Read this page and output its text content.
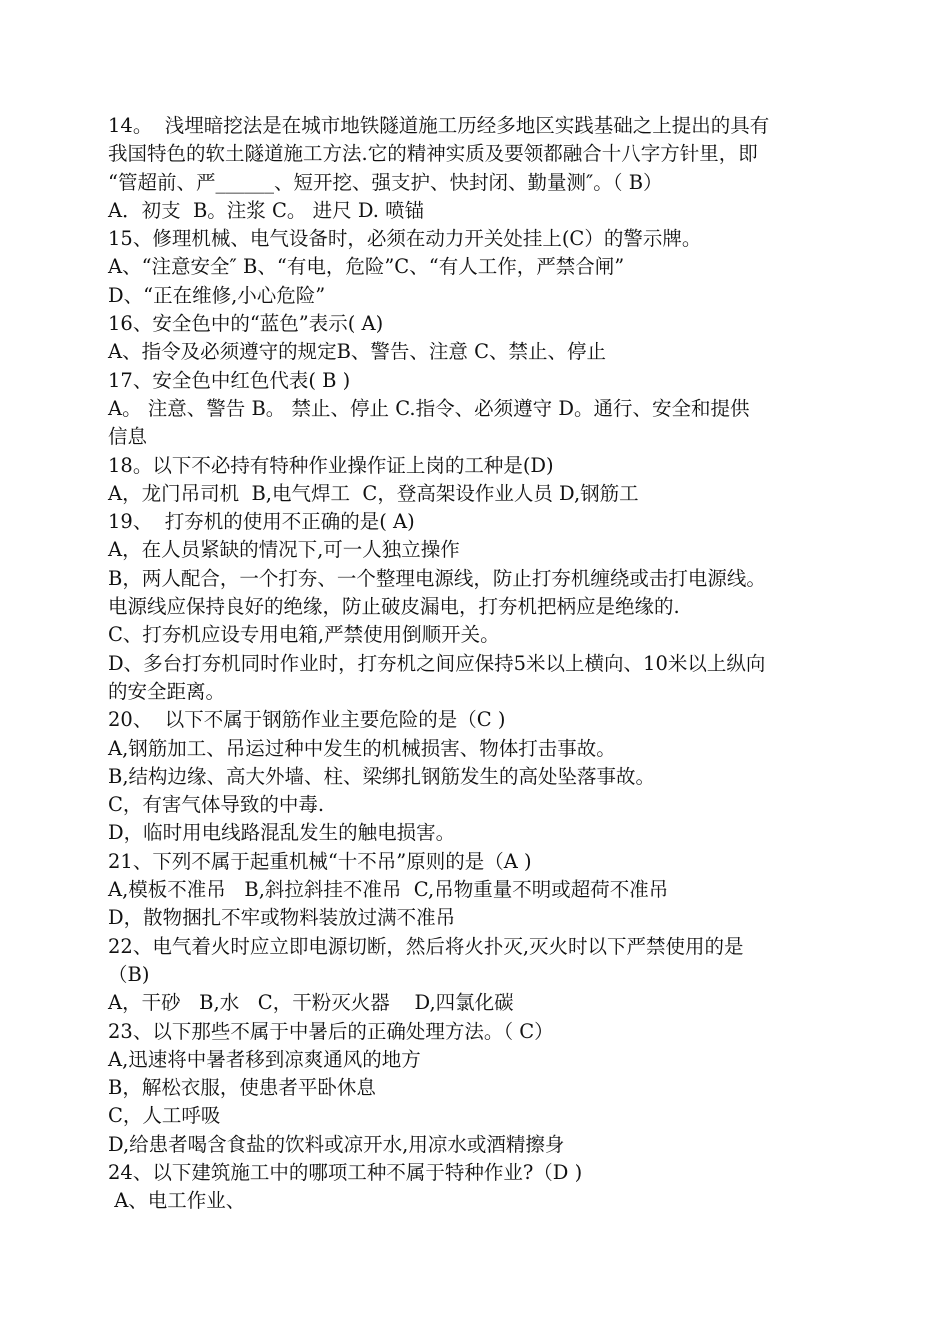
14。  浅埋暗挖法是在城市地铁隧道施工历经多地区实践基础之上提出的具有
我国特色的软土隧道施工方法.它的精神实质及要领都融合十八字方针里，即
“管超前、严______、短开挖、强支护、快封闭、勤量测″。（ B）
A．初支  B。注浆 C。 进尺 D. 喷锚
15、修理机械、电气设备时，必须在动力开关处挂上(C）的警示牌。
A、“注意安全″ B、“有电，危险”C、“有人工作，严禁合闸”
D、“正在维修,小心危险”
16、安全色中的“蓝色”表示( A)
A、指令及必须遵守的规定B、警告、注意 C、禁止、停止
17、安全色中红色代表( B )
A。 注意、警告 B。 禁止、停止 C.指令、必须遵守 D。通行、安全和提供
信息
18。以下不必持有特种作业操作证上岗的工种是(D)
A，龙门吊司机  B,电气焊工  C，登高架设作业人员 D,钢筋工
19、  打夯机的使用不正确的是( A)
A，在人员紧缺的情况下,可一人独立操作
B，两人配合，一个打夯、一个整理电源线，防止打夯机缠绕或击打电源线。
电源线应保持良好的绝缘，防止破皮漏电，打夯机把柄应是绝缘的.
C、打夯机应设专用电箱,严禁使用倒顺开关。
D、多台打夯机同时作业时，打夯机之间应保持5米以上横向、10米以上纵向
的安全距离。
20、  以下不属于钢筋作业主要危险的是（C )
A,钢筋加工、吊运过种中发生的机械损害、物体打击事故。
B,结构边缘、高大外墙、柱、梁绑扎钢筋发生的高处坠落事故。
C，有害气体导致的中毒.
D，临时用电线路混乱发生的触电损害。
21、下列不属于起重机械“十不吊”原则的是（A )
A,模板不准吊   B,斜拉斜挂不准吊  C,吊物重量不明或超荷不准吊
D，散物捆扎不牢或物料装放过满不准吊
22、电气着火时应立即电源切断，然后将火扑灭,灭火时以下严禁使用的是
（B)
A，干砂   B,水   C，干粉灭火器    D,四氯化碳
23、以下那些不属于中暑后的正确处理方法。（ C）
A,迅速将中暑者移到凉爽通风的地方
B，解松衣服，使患者平卧休息
C，人工呼吸
D,给患者喝含食盐的饮料或凉开水,用凉水或酒精擦身
24、以下建筑施工中的哪项工种不属于特种作业?（D )
A、电工作业、
